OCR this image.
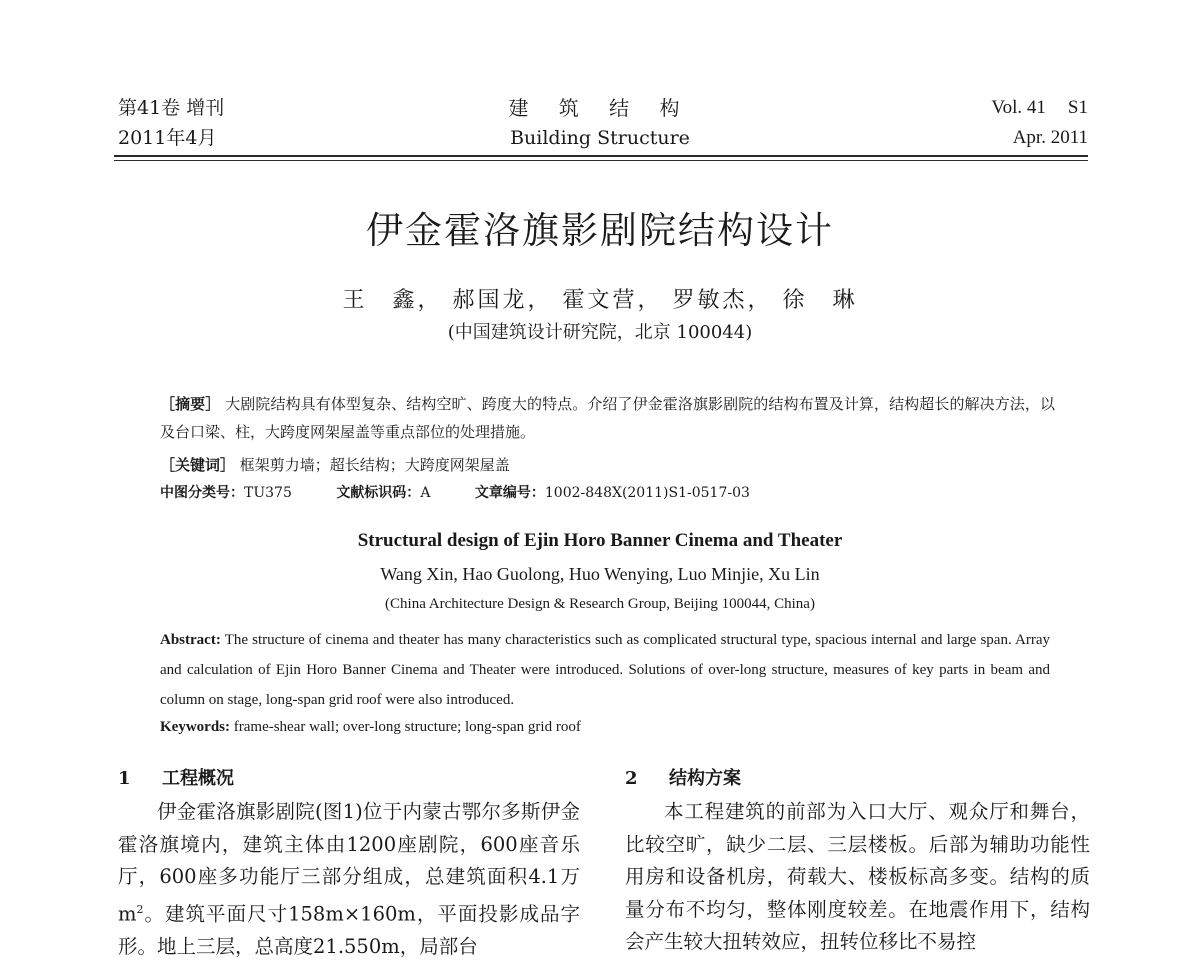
第41卷 增刊
2011年4月
建 筑 结 构
Building Structure
Vol. 41 S1
Apr. 2011
伊金霍洛旗影剧院结构设计
王　鑫， 郝国龙， 霍文营， 罗敏杰， 徐　琳
(中国建筑设计研究院，北京 100044)
［摘要］ 大剧院结构具有体型复杂、结构空旷、跨度大的特点。介绍了伊金霍洛旗影剧院的结构布置及计算，结构超长的解决方法，以及台口梁、柱，大跨度网架屋盖等重点部位的处理措施。
［关键词］ 框架剪力墙；超长结构；大跨度网架屋盖
中图分类号：TU375	文献标识码：A	文章编号：1002-848X(2011)S1-0517-03
Structural design of Ejin Horo Banner Cinema and Theater
Wang Xin, Hao Guolong, Huo Wenying, Luo Minjie, Xu Lin
(China Architecture Design & Research Group, Beijing 100044, China)
Abstract: The structure of cinema and theater has many characteristics such as complicated structural type, spacious internal and large span. Array and calculation of Ejin Horo Banner Cinema and Theater were introduced. Solutions of over-long structure, measures of key parts in beam and column on stage, long-span grid roof were also introduced.
Keywords: frame-shear wall; over-long structure; long-span grid roof
1 工程概况
伊金霍洛旗影剧院(图1)位于内蒙古鄂尔多斯伊金霍洛旗境内，建筑主体由1200座剧院，600座音乐厅，600座多功能厅三部分组成，总建筑面积4.1万$m^2$。建筑平面尺寸158m×160m，平面投影成品字形。地上三层，总高度21.550m，局部台
2 结构方案
本工程建筑的前部为入口大厅、观众厅和舞台，比较空旷，缺少二层、三层楼板。后部为辅助功能性用房和设备机房，荷载大、楼板标高多变。结构的质量分布不均匀，整体刚度较差。在地震作用下，结构会产生较大扭转效应，扭转位移比不易控
